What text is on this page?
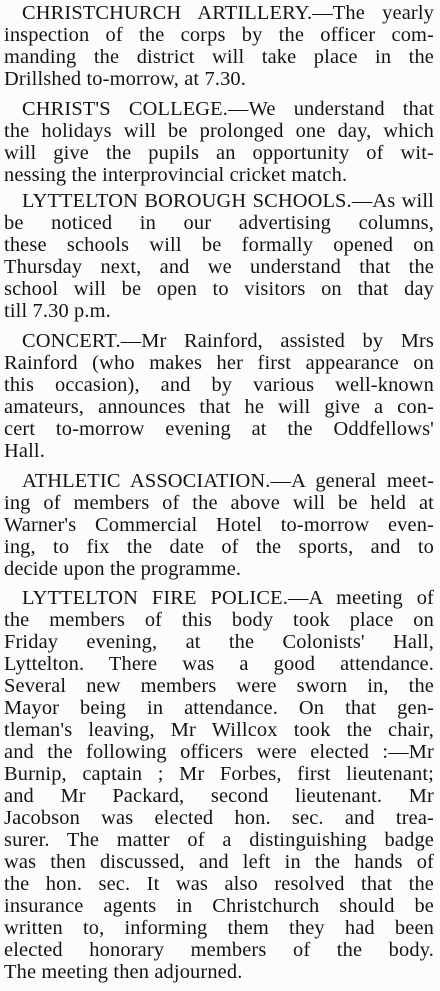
CHRISTCHURCH ARTILLERY.—The yearly
inspection of the corps by the officer com-
manding the district will take place in the
Drillshed to-morrow, at 7.30.

CHRIST'S COLLEGE.—We understand that
the holidays will be prolonged one day, which
will give the pupils an opportunity of wit-
nessing the interprovincial cricket match.

LYTTELTON BOROUGH SCHOOLS.—As will
be noticed in our advertising columns,
these schools will be formally opened on
Thursday next, and we understand that the
school will be open to visitors on that day
till 7.30 p.m.

CONCERT.—Mr Rainford, assisted by Mrs
Rainford (who makes her first appearance on
this occasion), and by various well-known
amateurs, announces that he will give a con-
cert to-morrow evening at the Oddfellows'
Hall.

ATHLETIC ASSOCIATION.—A general meet-
ing of members of the above will be held at
Warner's Commercial Hotel to-morrow even-
ing, to fix the date of the sports, and to
decide upon the programme.

LYTTELTON FIRE POLICE.—A meeting of
the members of this body took place on
Friday evening, at the Colonists' Hall,
Lyttelton. There was a good attendance.
Several new members were sworn in, the
Mayor being in attendance. On that gen-
tleman's leaving, Mr Willcox took the chair,
and the following officers were elected :—Mr
Burnip, captain ; Mr Forbes, first lieutenant;
and Mr Packard, second lieutenant. Mr
Jacobson was elected hon. sec. and trea-
surer. The matter of a distinguishing badge
was then discussed, and left in the hands of
the hon. sec. It was also resolved that the
insurance agents in Christchurch should be
written to, informing them they had been
elected honorary members of the body.
The meeting then adjourned.
